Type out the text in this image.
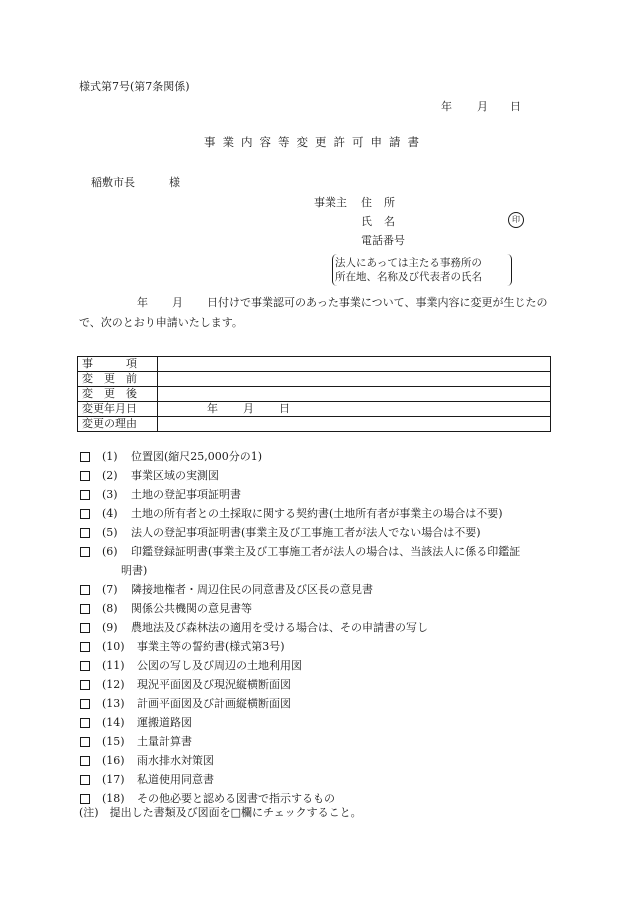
様式第7号(第7条関係)
年 月 日
事業内容等変更許可申請書
稲敷市長	様
事業主 住所
氏名	印
電話番号
法人にあっては主たる事務所の
所在地、名称及び代表者の氏名
年 月 日付けで事業認可のあった事業について、事業内容に変更が生じたので、次のとおり申請いたします。
事　　　項	
変　更　前	
変　更　後	
変更年月日	年 月 日
変更の理由	
(1) 位置図(縮尺25,000分の1)
(2) 事業区域の実測図
(3) 土地の登記事項証明書
(4) 土地の所有者との土採取に関する契約書(土地所有者が事業主の場合は不要)
(5) 法人の登記事項証明書(事業主及び工事施工者が法人でない場合は不要)
(6) 印鑑登録証明書(事業主及び工事施工者が法人の場合は、当該法人に係る印鑑証
明書)
(7) 隣接地権者・周辺住民の同意書及び区長の意見書
(8) 関係公共機関の意見書等
(9) 農地法及び森林法の適用を受ける場合は、その申請書の写し
(10) 事業主等の誓約書(様式第3号)
(11) 公図の写し及び周辺の土地利用図
(12) 現況平面図及び現況縦横断面図
(13) 計画平面図及び計画縦横断面図
(14) 運搬道路図
(15) 土量計算書
(16) 雨水排水対策図
(17) 私道使用同意書
(18) その他必要と認める図書で指示するもの
(注)　提出した書類及び図面を□欄にチェックすること。
